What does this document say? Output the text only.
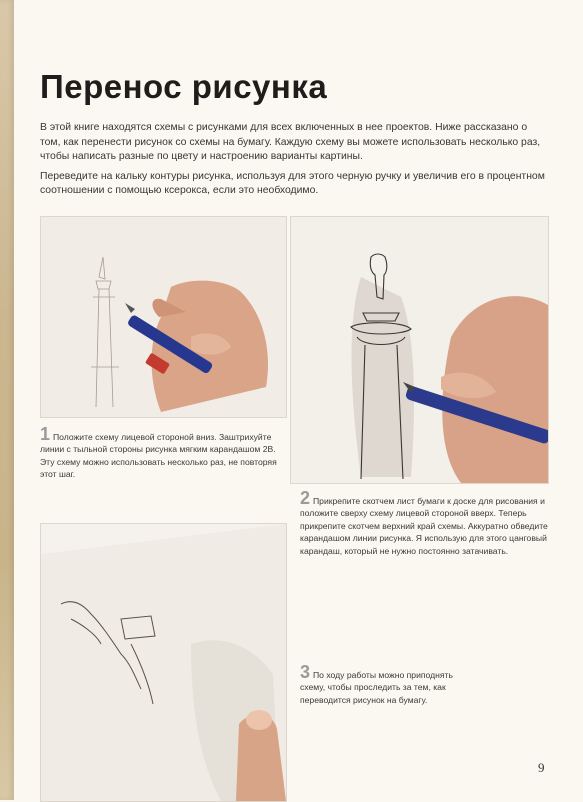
Перенос рисунка

В этой книге находятся схемы с рисунками для всех включенных в нее проектов. Ниже рассказано о том, как перенести рисунок со схемы на бумагу. Каждую схему вы можете использовать несколько раз, чтобы написать разные по цвету и настроению варианты картины.

Переведите на кальку контуры рисунка, используя для этого черную ручку и увеличив его в процентном соотношении с помощью ксерокса, если это необходимо.

1 Положите схему лицевой стороной вниз. Заштрихуйте линии с тыльной стороны рисунка мягким карандашом 2B. Эту схему можно использовать несколько раз, не повторяя этот шаг.

2 Прикрепите скотчем лист бумаги к доске для рисования и положите сверху схему лицевой стороной вверх. Теперь прикрепите скотчем верхний край схемы. Аккуратно обведите карандашом линии рисунка. Я использую для этого цанговый карандаш, который не нужно постоянно затачивать.

3 По ходу работы можно приподнять схему, чтобы проследить за тем, как переводится рисунок на бумагу.

9
